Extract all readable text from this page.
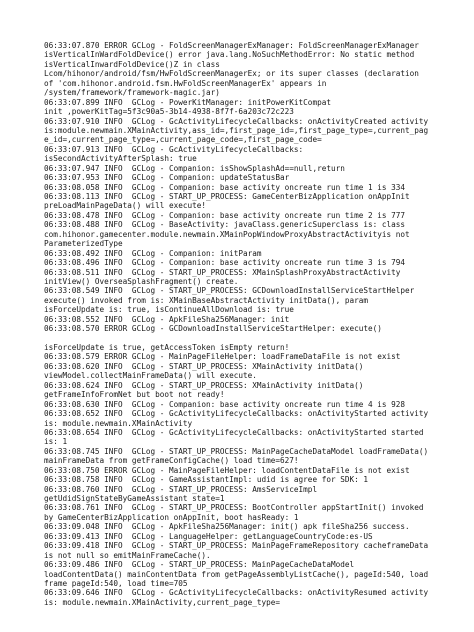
06:33:07.870 ERROR GCLog - FoldScreenManagerExManager: FoldScreenManagerExManager
isVerticalInWardFoldDevice() error java.lang.NoSuchMethodError: No static method
isVerticalInwardFoldDevice()Z in class
Lcom/hihonor/android/fsm/HwFoldScreenManagerEx; or its super classes (declaration
of 'com.hihonor.android.fsm.HwFoldScreenManagerEx' appears in
/system/framework/framework-magic.jar)
06:33:07.899 INFO  GCLog - PowerKitManager: initPowerKitCompat
init ,powerKitTag=5f3c90a5-3b14-4938-8f7f-6a203c72c223
06:33:07.910 INFO  GCLog - GcActivityLifecycleCallbacks: onActivityCreated activity
is:module.newmain.XMainActivity,ass_id=,first_page_id=,first_page_type=,current_pag
e_id=,current_page_type=,current_page_code=,first_page_code=
06:33:07.913 INFO  GCLog - GcActivityLifecycleCallbacks:
isSecondActivityAfterSplash: true
06:33:07.947 INFO  GCLog - Companion: isShowSplashAd==null,return
06:33:07.953 INFO  GCLog - Companion: updateStatusBar
06:33:08.058 INFO  GCLog - Companion: base activity oncreate run time 1 is 334
06:33:08.113 INFO  GCLog - START_UP_PROCESS: GameCenterBizApplication onAppInit
preLoadMainPageData() will execute!
06:33:08.478 INFO  GCLog - Companion: base activity oncreate run time 2 is 777
06:33:08.488 INFO  GCLog - BaseActivity: javaClass.genericSuperclass is: class
com.hihonor.gamecenter.module.newmain.XMainPopWindowProxyAbstractActivityis not
ParameterizedType
06:33:08.492 INFO  GCLog - Companion: initParam
06:33:08.496 INFO  GCLog - Companion: base activity oncreate run time 3 is 794
06:33:08.511 INFO  GCLog - START_UP_PROCESS: XMainSplashProxyAbstractActivity
initView() OverseaSplashFragment() create.
06:33:08.549 INFO  GCLog - START_UP_PROCESS: GCDownloadInstallServiceStartHelper
execute() invoked from is: XMainBaseAbstractActivity initData(), param
isForceUpdate is: true, isContinueAllDownload is: true
06:33:08.552 INFO  GCLog - ApkFileSha256Manager: init
06:33:08.570 ERROR GCLog - GCDownloadInstallServiceStartHelper: execute()
isForceUpdate is true, getAccessToken isEmpty return!
06:33:08.579 ERROR GCLog - MainPageFileHelper: loadFrameDataFile is not exist
06:33:08.620 INFO  GCLog - START_UP_PROCESS: XMainActivity initData()
viewModel.collectMainFrameData() will execute.
06:33:08.624 INFO  GCLog - START_UP_PROCESS: XMainActivity initData()
getFrameInfoFromNet but boot not ready!
06:33:08.630 INFO  GCLog - Companion: base activity oncreate run time 4 is 928
06:33:08.652 INFO  GCLog - GcActivityLifecycleCallbacks: onActivityStarted activity
is: module.newmain.XMainActivity
06:33:08.654 INFO  GCLog - GcActivityLifecycleCallbacks: onActivityStarted started
is: 1
06:33:08.745 INFO  GCLog - START_UP_PROCESS: MainPageCacheDataModel loadFrameData()
mainFrameData from getFrameConfigCache() load time=627!
06:33:08.750 ERROR GCLog - MainPageFileHelper: loadContentDataFile is not exist
06:33:08.758 INFO  GCLog - GameAssistantImpl: udid is agree for SDK: 1
06:33:08.760 INFO  GCLog - START_UP_PROCESS: AmsServiceImpl
getUdidSignStateByGameAssistant state=1
06:33:08.761 INFO  GCLog - START_UP_PROCESS: BootController appStartInit() invoked
by GameCenterBizApplication onAppInit, boot hasReady: 1
06:33:09.048 INFO  GCLog - ApkFileSha256Manager: init() apk fileSha256 success.
06:33:09.413 INFO  GCLog - LanguageHelper: getLanguageCountryCode:es-US
06:33:09.418 INFO  GCLog - START_UP_PROCESS: MainPageFrameRepository cacheframeData
is not null so emitMainFrameCache().
06:33:09.486 INFO  GCLog - START_UP_PROCESS: MainPageCacheDataModel
loadContentData() mainContentData from getPageAssemblyListCache(), pageId:540, load
frame pageId:540, load time=705
06:33:09.646 INFO  GCLog - GcActivityLifecycleCallbacks: onActivityResumed activity
is: module.newmain.XMainActivity,current_page_type=
